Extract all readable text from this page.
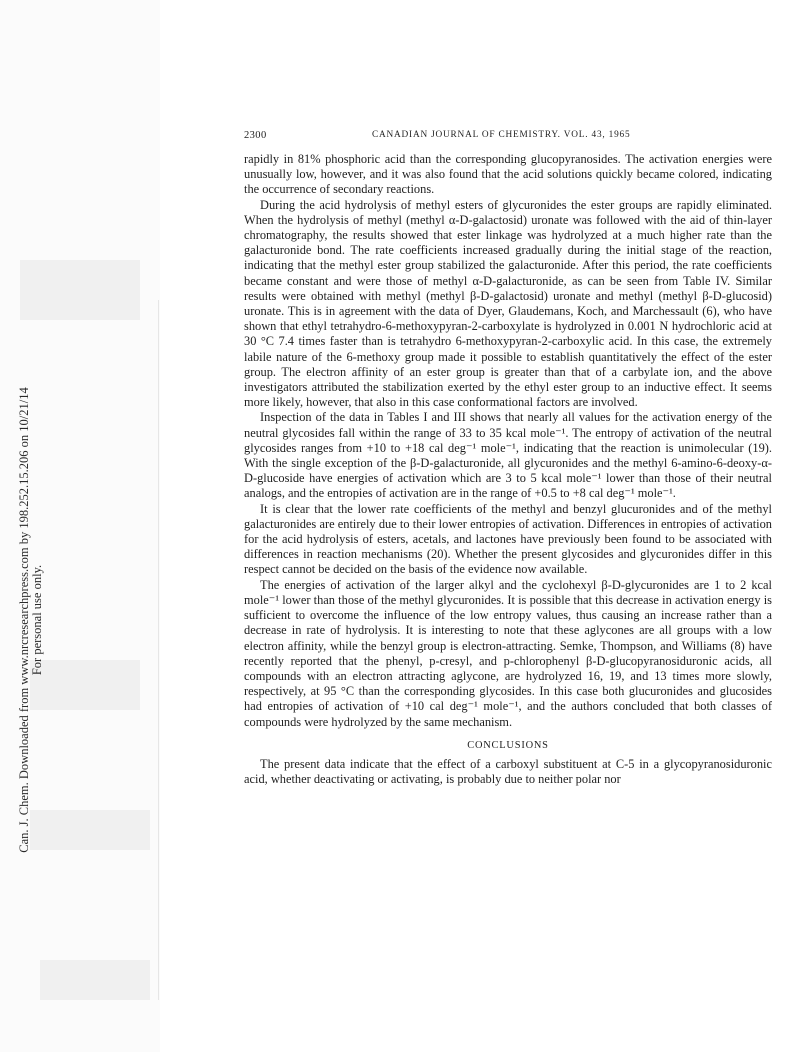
Can. J. Chem. Downloaded from www.nrcresearchpress.com by 198.252.15.206 on 10/21/14 For personal use only.
2300	CANADIAN JOURNAL OF CHEMISTRY. VOL. 43, 1965

rapidly in 81% phosphoric acid than the corresponding glucopyranosides. The activation energies were unusually low, however, and it was also found that the acid solutions quickly became colored, indicating the occurrence of secondary reactions.

During the acid hydrolysis of methyl esters of glycuronides the ester groups are rapidly eliminated. When the hydrolysis of methyl (methyl α-D-galactosid) uronate was followed with the aid of thin-layer chromatography, the results showed that ester linkage was hydrolyzed at a much higher rate than the galacturonide bond. The rate coefficients increased gradually during the initial stage of the reaction, indicating that the methyl ester group stabilized the galacturonide. After this period, the rate coefficients became constant and were those of methyl α-D-galacturonide, as can be seen from Table IV. Similar results were obtained with methyl (methyl β-D-galactosid) uronate and methyl (methyl β-D-glucosid) uronate. This is in agreement with the data of Dyer, Glaudemans, Koch, and Marchessault (6), who have shown that ethyl tetrahydro-6-methoxypyran-2-carboxylate is hydrolyzed in 0.001 N hydrochloric acid at 30 °C 7.4 times faster than is tetrahydro 6-methoxypyran-2-carboxylic acid. In this case, the extremely labile nature of the 6-methoxy group made it possible to establish quantitatively the effect of the ester group. The electron affinity of an ester group is greater than that of a carbylate ion, and the above investigators attributed the stabilization exerted by the ethyl ester group to an inductive effect. It seems more likely, however, that also in this case conformational factors are involved.

Inspection of the data in Tables I and III shows that nearly all values for the activation energy of the neutral glycosides fall within the range of 33 to 35 kcal mole⁻¹. The entropy of activation of the neutral glycosides ranges from +10 to +18 cal deg⁻¹ mole⁻¹, indicating that the reaction is unimolecular (19). With the single exception of the β-D-galacturonide, all glycuronides and the methyl 6-amino-6-deoxy-α-D-glucoside have energies of activation which are 3 to 5 kcal mole⁻¹ lower than those of their neutral analogs, and the entropies of activation are in the range of +0.5 to +8 cal deg⁻¹ mole⁻¹.

It is clear that the lower rate coefficients of the methyl and benzyl glucuronides and of the methyl galacturonides are entirely due to their lower entropies of activation. Differences in entropies of activation for the acid hydrolysis of esters, acetals, and lactones have previously been found to be associated with differences in reaction mechanisms (20). Whether the present glycosides and glycuronides differ in this respect cannot be decided on the basis of the evidence now available.

The energies of activation of the larger alkyl and the cyclohexyl β-D-glycuronides are 1 to 2 kcal mole⁻¹ lower than those of the methyl glycuronides. It is possible that this decrease in activation energy is sufficient to overcome the influence of the low entropy values, thus causing an increase rather than a decrease in rate of hydrolysis. It is interesting to note that these aglycones are all groups with a low electron affinity, while the benzyl group is electron-attracting. Semke, Thompson, and Williams (8) have recently reported that the phenyl, p-cresyl, and p-chlorophenyl β-D-glucopyranosiduronic acids, all compounds with an electron attracting aglycone, are hydrolyzed 16, 19, and 13 times more slowly, respectively, at 95 °C than the corresponding glycosides. In this case both glucuronides and glucosides had entropies of activation of +10 cal deg⁻¹ mole⁻¹, and the authors concluded that both classes of compounds were hydrolyzed by the same mechanism.

CONCLUSIONS

The present data indicate that the effect of a carboxyl substituent at C-5 in a glycopyranosiduronic acid, whether deactivating or activating, is probably due to neither polar nor
